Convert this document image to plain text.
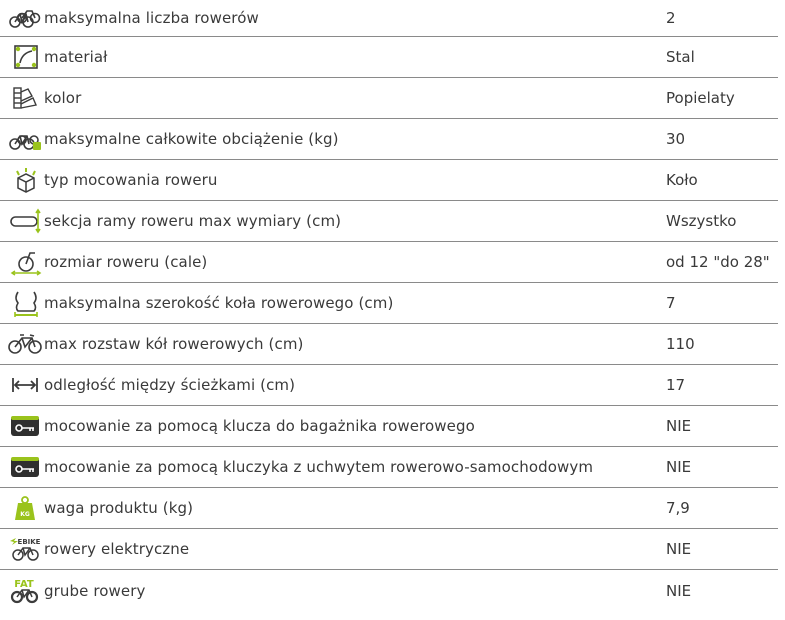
maksymalna liczba rowerów	2
materiał	Stal
kolor	Popielaty
maksymalne całkowite obciążenie (kg)	30
typ mocowania roweru	Koło
sekcja ramy roweru max wymiary (cm)	Wszystko
rozmiar roweru (cale)	od 12 "do 28"
maksymalna szerokość koła rowerowego (cm)	7
max rozstaw kół rowerowych (cm)	110
odległość między ścieżkami (cm)	17
mocowanie za pomocą klucza do bagażnika rowerowego	NIE
mocowanie za pomocą kluczyka z uchwytem rowerowo-samochodowym	NIE
KG waga produktu (kg)	7,9
EBIKE rowery elektryczne	NIE
FAT grube rowery	NIE
